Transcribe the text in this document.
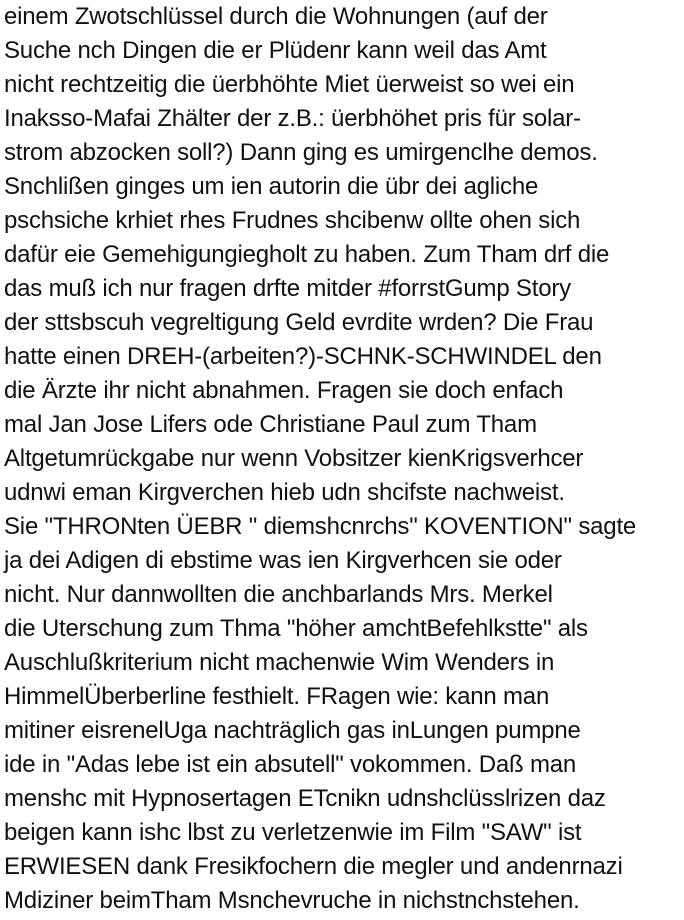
einem Zwotschlüssel durch die Wohnungen (auf der
Suche nch Dingen die er Plüdenr kann weil das Amt
nicht rechtzeitig die üerbhöhte Miet üerweist so wei ein
Inaksso-Mafai Zhälter der z.B.: üerbhöhet pris für solar-
strom abzocken soll?) Dann ging es umirgenclhe demos.
Snchlißen ginges um ien autorin die übr dei agliche
pschsiche krhiet rhes Frudnes shcibenw ollte ohen sich
dafür eie Gemehigungiegholt zu haben. Zum Tham drf die
das muß ich nur fragen drfte mitder #forrstGump Story
der sttsbscuh vegreltigung Geld evrdite wrden? Die Frau
hatte einen DREH-(arbeiten?)-SCHNK-SCHWINDEL den
die Ärzte ihr nicht abnahmen. Fragen sie doch enfach
mal Jan Jose Lifers ode Christiane Paul zum Tham
Altgetumrückgabe nur wenn Vobsitzer kienKrigsverhcer
udnwi eman Kirgverchen hieb udn shcifste nachweist.
Sie "THRONten ÜEBR " diemshcnrchs" KOVENTION" sagte
ja dei Adigen di ebstime was ien Kirgverhcen sie oder
nicht. Nur dannwollten die anchbarlands Mrs. Merkel
die Uterschung zum Thma "höher amchtBefehlkstte" als
Auschlußkriterium nicht machenwie Wim Wenders in
HimmelÜberberline festhielt. FRagen wie: kann man
mitiner eisrenelUga nachträglich gas inLungen pumpne
ide in "Adas lebe ist ein absutell" vokommen. Daß man
menshc mit Hypnosertagen ETcnikn udnshclüsslrizen daz
beigen kann ishc lbst zu verletzenwie im Film "SAW" ist
ERWIESEN dank Fresikfochern die megler und andenrnazi
Mdiziner beimTham Msnchevruche in nichstnchstehen.
